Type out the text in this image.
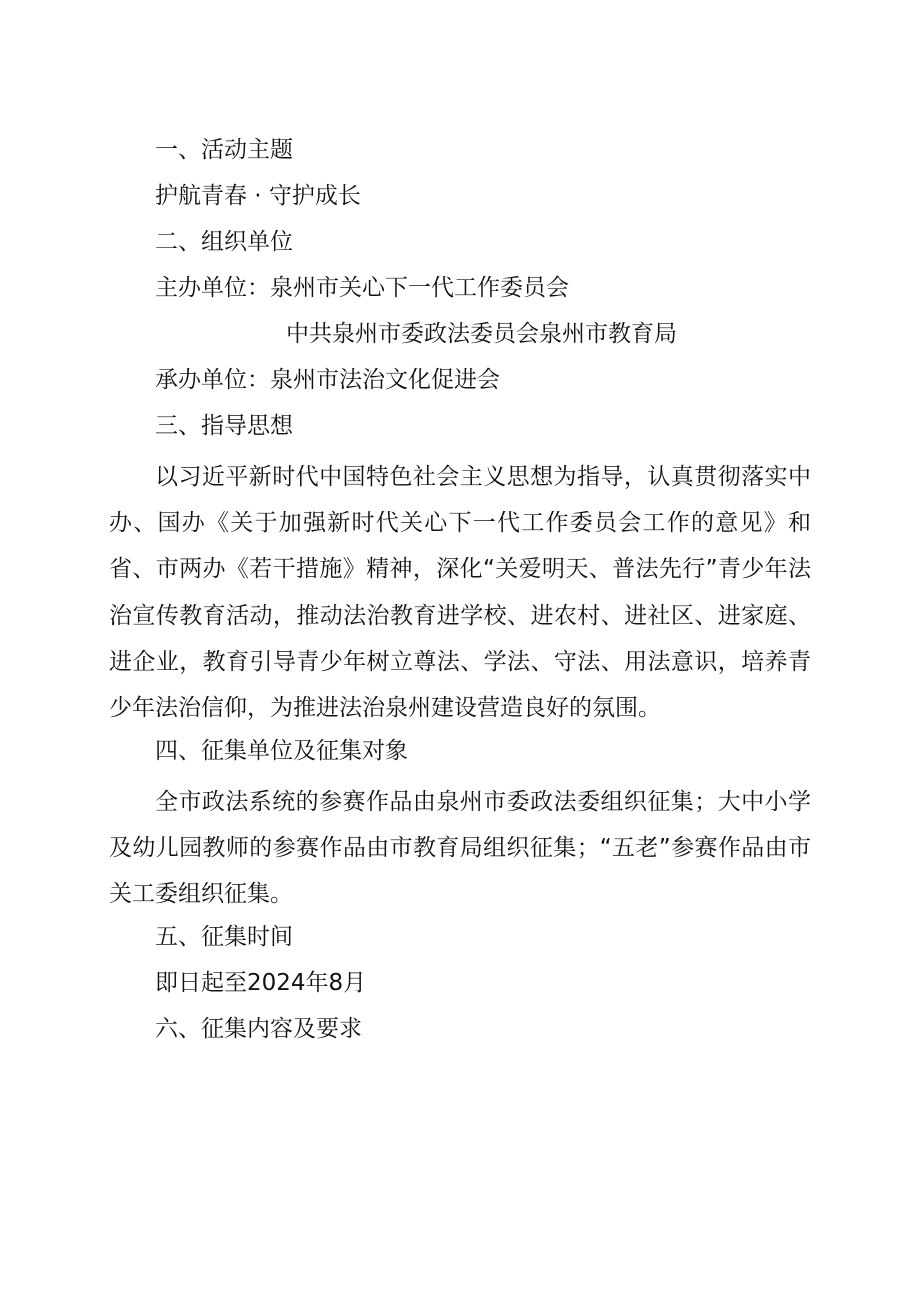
一、活动主题

护航青春 · 守护成长

二、组织单位

主办单位：泉州市关心下一代工作委员会

中共泉州市委政法委员会泉州市教育局

承办单位：泉州市法治文化促进会

三、指导思想

以习近平新时代中国特色社会主义思想为指导，认真贯彻落实中办、国办《关于加强新时代关心下一代工作委员会工作的意见》和省、市两办《若干措施》精神，深化“关爱明天、普法先行”青少年法治宣传教育活动，推动法治教育进学校、进农村、进社区、进家庭、进企业，教育引导青少年树立尊法、学法、守法、用法意识，培养青少年法治信仰，为推进法治泉州建设营造良好的氛围。

四、征集单位及征集对象

全市政法系统的参赛作品由泉州市委政法委组织征集；大中小学及幼儿园教师的参赛作品由市教育局组织征集；“五老”参赛作品由市关工委组织征集。

五、征集时间

即日起至2024年8月

六、征集内容及要求
